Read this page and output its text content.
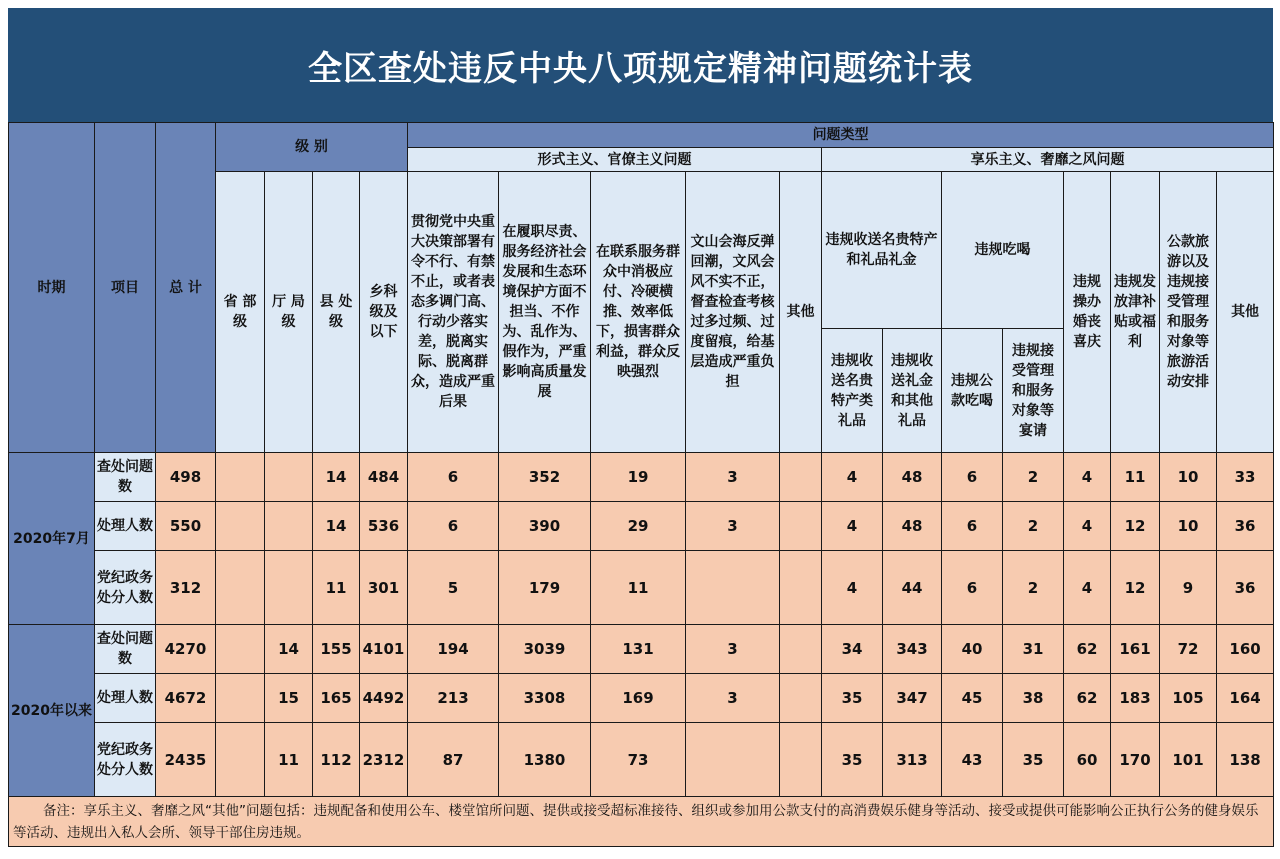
全区查处违反中央八项规定精神问题统计表
时期	项目	总 计	级 别				问题类型												
							形式主义、官僚主义问题					享乐主义、奢靡之风问题							
			省 部 级	厅 局 级	县 处 级	乡科级及以下	贯彻党中央重大决策部署有令不行、有禁不止，或者表态多调门高、行动少落实差，脱离实际、脱离群众，造成严重后果	在履职尽责、服务经济社会发展和生态环境保护方面不担当、不作为、乱作为、假作为，严重影响高质量发展	在联系服务群众中消极应付、冷硬横推、效率低下，损害群众利益，群众反映强烈	文山会海反弹回潮，文风会风不实不正，督查检查考核过多过频、过度留痕，给基层造成严重负担	其他	违规收送名贵特产和礼品礼金		违规吃喝		违规操办婚丧喜庆	违规发放津补贴或福利	公款旅游以及违规接受管理和服务对象等旅游活动安排	其他
												违规收送名贵特产类礼品	违规收送礼金和其他礼品	违规公款吃喝	违规接受管理和服务对象等宴请				
2020年7月	查处问题数	498			14	484	6	352	19	3		4	48	6	2	4	11	10	33
	处理人数	550			14	536	6	390	29	3		4	48	6	2	4	12	10	36
	党纪政务处分人数	312			11	301	5	179	11			4	44	6	2	4	12	9	36
2020年以来	查处问题数	4270		14	155	4101	194	3039	131	3		34	343	40	31	62	161	72	160
	处理人数	4672		15	165	4492	213	3308	169	3		35	347	45	38	62	183	105	164
	党纪政务处分人数	2435		11	112	2312	87	1380	73			35	313	43	35	60	170	101	138
备注：享乐主义、奢靡之风“其他”问题包括：违规配备和使用公车、楼堂馆所问题、提供或接受超标准接待、组织或参加用公款支付的高消费娱乐健身等活动、接受或提供可能影响公正执行公务的健身娱乐等活动、违规出入私人会所、领导干部住房违规。																			
